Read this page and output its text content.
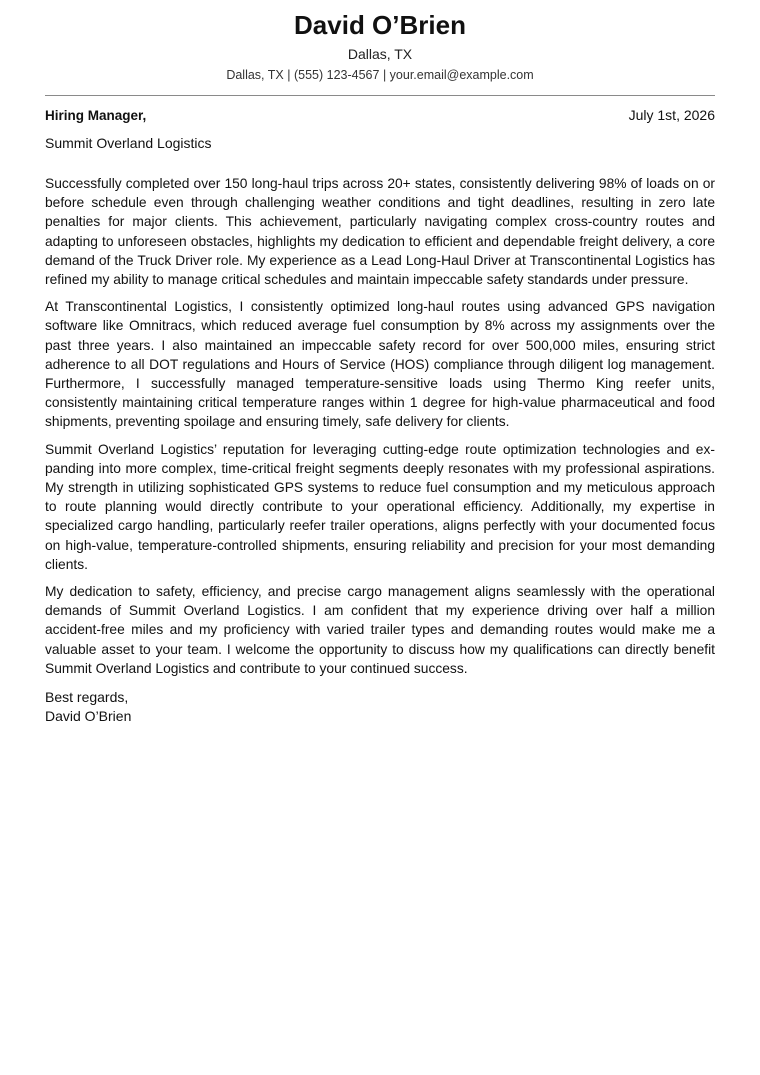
David O’Brien
Dallas, TX
Dallas, TX | (555) 123-4567 | your.email@example.com
Hiring Manager,	July 1st, 2026
Summit Overland Logistics

Successfully completed over 150 long-haul trips across 20+ states, consistently delivering 98% of loads on or before schedule even through challenging weather conditions and tight deadlines, resulting in zero late penalties for major clients. This achievement, particularly navigating complex cross-country routes and adapting to unforeseen obstacles, highlights my dedication to efficient and dependable freight delivery, a core demand of the Truck Driver role. My experience as a Lead Long-Haul Driver at Transcontinental Logistics has refined my ability to manage critical schedules and maintain impeccable safety standards under pressure.

At Transcontinental Logistics, I consistently optimized long-haul routes using advanced GPS navigation software like Omnitracs, which reduced average fuel consumption by 8% across my assignments over the past three years. I also maintained an impeccable safety record for over 500,000 miles, ensuring strict adherence to all DOT regulations and Hours of Service (HOS) compliance through diligent log management. Furthermore, I successfully managed temperature-sensitive loads using Thermo King reefer units, consistently maintaining critical temperature ranges within 1 degree for high-value pharmaceutical and food shipments, preventing spoilage and ensuring timely, safe delivery for clients.

Summit Overland Logistics’ reputation for leveraging cutting-edge route optimization technologies and expanding into more complex, time-critical freight segments deeply resonates with my professional aspirations. My strength in utilizing sophisticated GPS systems to reduce fuel consumption and my meticulous approach to route planning would directly contribute to your operational efficiency. Additionally, my expertise in specialized cargo handling, particularly reefer trailer operations, aligns perfectly with your documented focus on high-value, temperature-controlled shipments, ensuring reliability and precision for your most demanding clients.

My dedication to safety, efficiency, and precise cargo management aligns seamlessly with the operational demands of Summit Overland Logistics. I am confident that my experience driving over half a million accident-free miles and my proficiency with varied trailer types and demanding routes would make me a valuable asset to your team. I welcome the opportunity to discuss how my qualifications can directly benefit Summit Overland Logistics and contribute to your continued success.

Best regards,
David O’Brien
